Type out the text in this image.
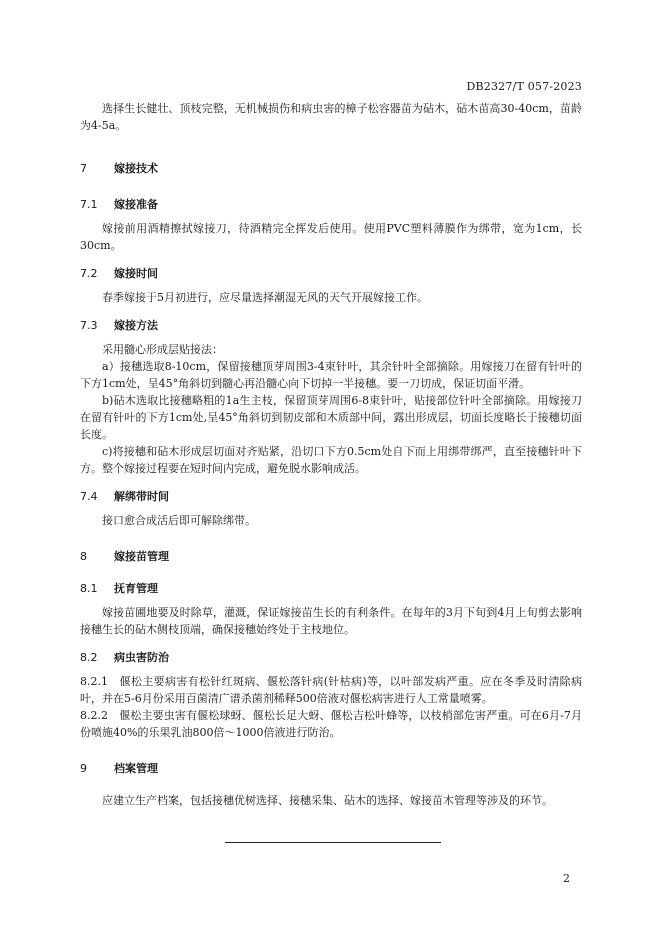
DB2327/T 057-2023

选择生长健壮、顶枝完整，无机械损伤和病虫害的樟子松容器苗为砧木，砧木苗高30-40cm，苗龄为4-5a。

7 嫁接技术
7.1 嫁接准备

嫁接前用酒精擦拭嫁接刀，待酒精完全挥发后使用。使用PVC塑料薄膜作为绑带，宽为1cm，长30cm。

7.2 嫁接时间

春季嫁接于5月初进行，应尽量选择潮湿无风的天气开展嫁接工作。

7.3 嫁接方法

采用髓心形成层贴接法：

a）接穗选取8-10cm，保留接穗顶芽周围3-4束针叶，其余针叶全部摘除。用嫁接刀在留有针叶的下方1cm处，呈45°角斜切到髓心再沿髓心向下切掉一半接穗。要一刀切成，保证切面平滑。

b)砧木选取比接穗略粗的1a生主枝，保留顶芽周围6-8束针叶，贴接部位针叶全部摘除。用嫁接刀在留有针叶的下方1cm处,呈45°角斜切到韧皮部和木质部中间，露出形成层，切面长度略长于接穗切面长度。

c)将接穗和砧木形成层切面对齐贴紧，沿切口下方0.5cm处自下而上用绑带绑严，直至接穗针叶下方。整个嫁接过程要在短时间内完成，避免脱水影响成活。

7.4 解绑带时间

接口愈合成活后即可解除绑带。

8 嫁接苗管理
8.1 抚育管理

嫁接苗圃地要及时除草，灌溉，保证嫁接苗生长的有利条件。在每年的3月下旬到4月上旬剪去影响接穗生长的砧木侧枝顶端，确保接穗始终处于主枝地位。

8.2 病虫害防治

8.2.1　偃松主要病害有松针红斑病、偃松落针病(针枯病)等，以叶部发病严重。应在冬季及时清除病叶，并在5-6月份采用百菌清广谱杀菌剂稀释500倍液对偃松病害进行人工常量喷雾。

8.2.2　偃松主要虫害有偃松球蚜、偃松长足大蚜、偃松吉松叶蜂等，以枝梢部危害严重。可在6月-7月份喷施40%的乐果乳油800倍～1000倍液进行防治。

9 档案管理

应建立生产档案，包括接穗优树选择、接穗采集、砧木的选择、嫁接苗木管理等涉及的环节。

2
